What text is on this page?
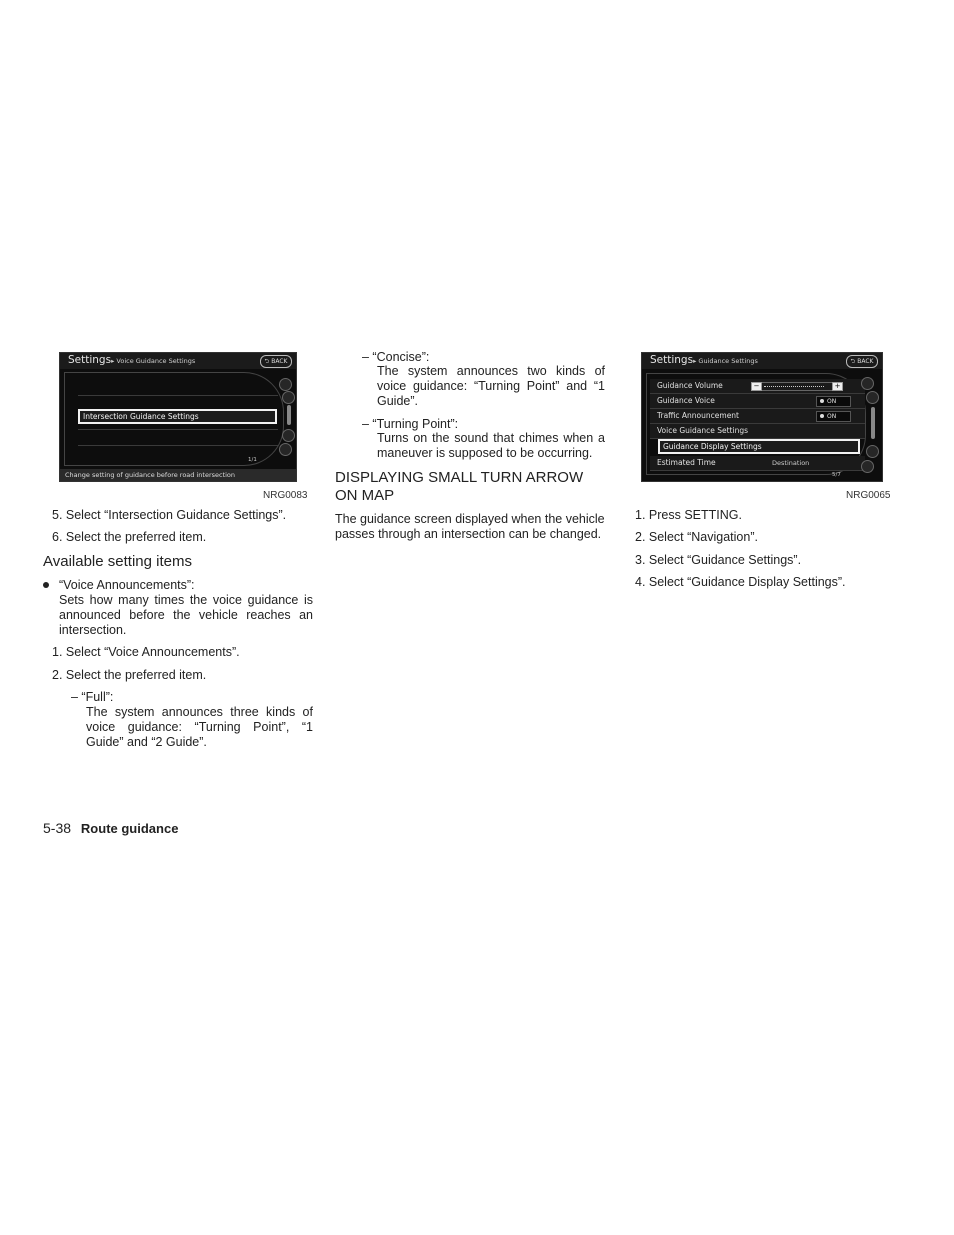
Settings▸ Voice Guidance Settings	⮌ BACK
Intersection Guidance Settings
1/1
Change setting of guidance before road intersection
NRG0083
Settings▸ Guidance Settings	⮌ BACK
Guidance Volume	−	+
Guidance Voice	ON
Traffic Announcement	ON
Voice Guidance Settings
Guidance Display Settings
Estimated Time	Destination
5/7
NRG0065
5. Select “Intersection Guidance Settings”.
6. Select the preferred item.
Available setting items
“Voice Announcements”:
Sets how many times the voice guidance is announced before the vehicle reaches an intersection.
1. Select “Voice Announcements”.
2. Select the preferred item.
– “Full”:
The system announces three kinds of voice guidance: “Turning Point”, “1 Guide” and “2 Guide”.
– “Concise”:
The system announces two kinds of voice guidance: “Turning Point” and “1 Guide”.
– “Turning Point”:
Turns on the sound that chimes when a maneuver is supposed to be occurring.
DISPLAYING SMALL TURN ARROW
ON MAP
The guidance screen displayed when the vehicle passes through an intersection can be changed.
1. Press SETTING.
2. Select “Navigation”.
3. Select “Guidance Settings”.
4. Select “Guidance Display Settings”.
5-38 Route guidance
